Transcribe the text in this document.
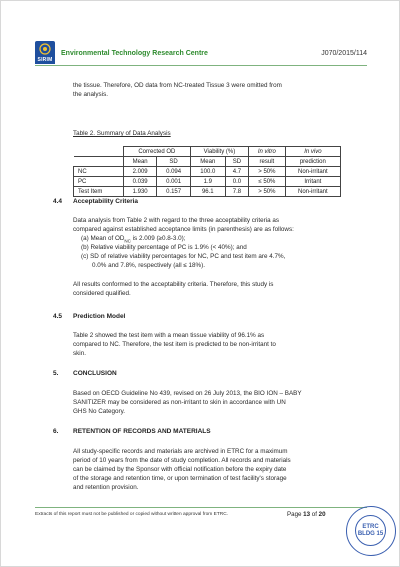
SIRIM
Environmental Technology Research Centre	J070/2015/114
the tissue. Therefore, OD data from NC-treated Tissue 3 were omitted from
the analysis.
Table 2. Summary of Data Analysis
	Corrected OD		Viability (%)		In vitro	In vivo
	Mean	SD	Mean	SD	result	prediction
NC	2.009	0.094	100.0	4.7	> 50%	Non-irritant
PC	0.039	0.001	1.9	0.0	≤ 50%	Irritant
Test Item	1.930	0.157	96.1	7.8	> 50%	Non-irritant
4.4 Acceptability Criteria
Data analysis from Table 2 with regard to the three acceptability criteria as
compared against established acceptance limits (in parenthesis) are as follows:
(a) Mean of $OD_{NC}$ is 2.009 (≥0.8-3.0);
(b) Relative viability percentage of PC is 1.9% (< 40%); and
(c) SD of relative viability percentages for NC, PC and test item are 4.7%,
0.0% and 7.8%, respectively (all ≤ 18%).
All results conformed to the acceptability criteria. Therefore, this study is
considered qualified.
4.5 Prediction Model
Table 2 showed the test item with a mean tissue viability of 96.1% as
compared to NC. Therefore, the test item is predicted to be non-irritant to
skin.
5. CONCLUSION
Based on OECD Guideline No 439, revised on 26 July 2013, the BIO ION – BABY
SANITIZER may be considered as non-irritant to skin in accordance with UN
GHS No Category.
6. RETENTION OF RECORDS AND MATERIALS
All study-specific records and materials are archived in ETRC for a maximum
period of 10 years from the date of study completion. All records and materials
can be claimed by the Sponsor with official notification before the expiry date
of the storage and retention time, or upon termination of test facility's storage
and retention provision.
Extracts of this report must not be published or copied without written approval from ETRC.	Page 13 of 20
ETRC
BLDG 15
